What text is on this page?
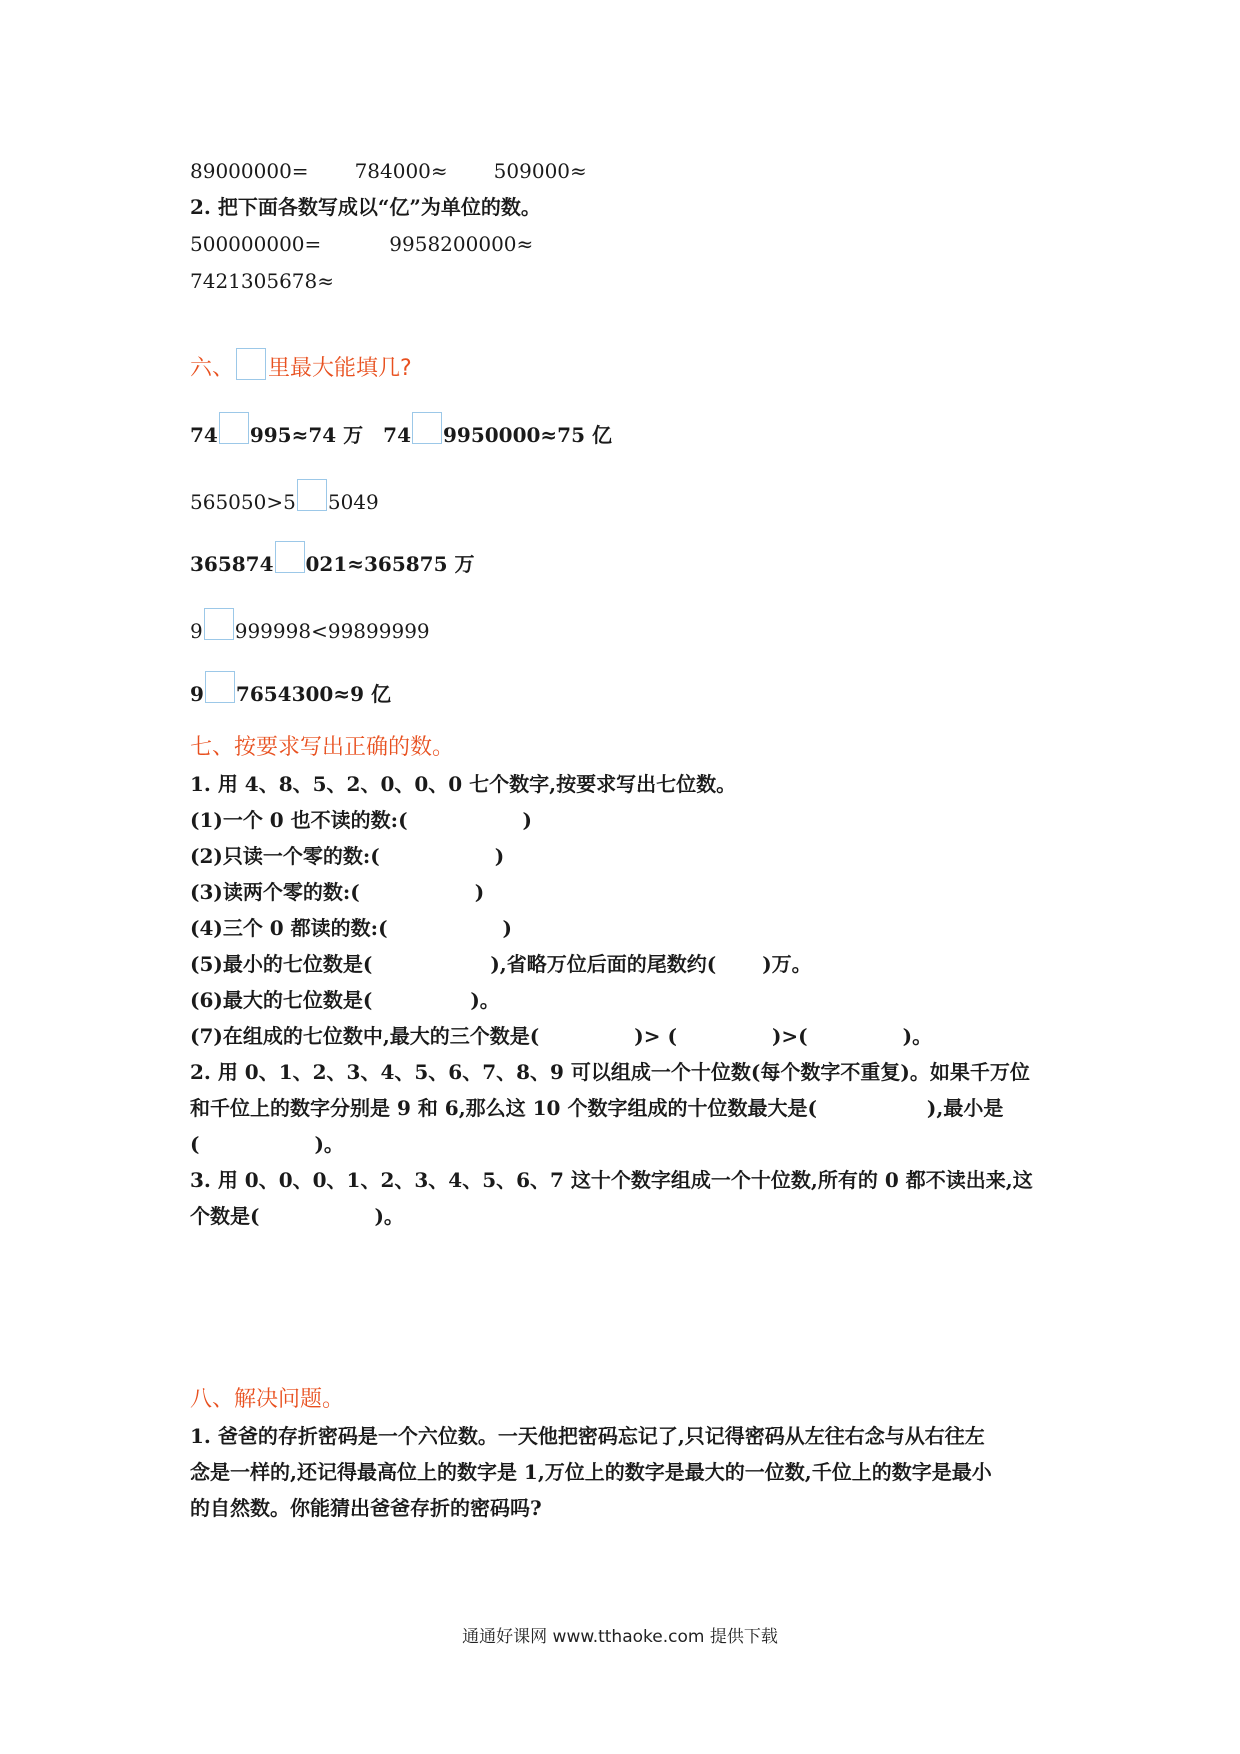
89000000= 784000≈ 509000≈
2. 把下面各数写成以“亿”为单位的数。
500000000=	9958200000≈
7421305678≈
六、 里最大能填几?
74 995≈74 万 74 9950000≈75 亿
565050>5 5049
365874 021≈365875 万
9 999998<99899999
9 7654300≈9 亿
七、按要求写出正确的数。
1. 用 4、8、5、2、0、0、0 七个数字,按要求写出七位数。
(1)一个 0 也不读的数:(	)
(2)只读一个零的数:(	)
(3)读两个零的数:(	)
(4)三个 0 都读的数:(	)
(5)最小的七位数是(	),省略万位后面的尾数约( )万。
(6)最大的七位数是(	)。
(7)在组成的七位数中,最大的三个数是(	)> (	)>(	)。
2. 用 0、1、2、3、4、5、6、7、8、9 可以组成一个十位数(每个数字不重复)。如果千万位
和千位上的数字分别是 9 和 6,那么这 10 个数字组成的十位数最大是(	),最小是
(	)。
3. 用 0、0、0、1、2、3、4、5、6、7 这十个数字组成一个十位数,所有的 0 都不读出来,这
个数是(	)。
八、解决问题。
1. 爸爸的存折密码是一个六位数。一天他把密码忘记了,只记得密码从左往右念与从右往左
念是一样的,还记得最高位上的数字是 1,万位上的数字是最大的一位数,千位上的数字是最小
的自然数。你能猜出爸爸存折的密码吗?
通通好课网 www.tthaoke.com 提供下载
